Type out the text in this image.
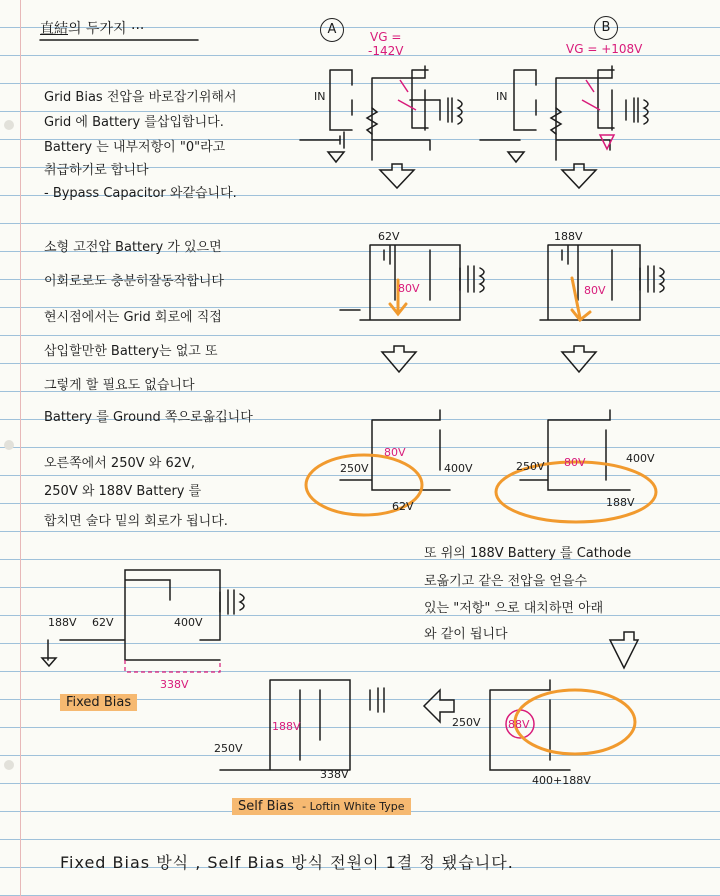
直結의 두가지 ···	A	B
VG =
-142V	VG = +108V
Grid Bias 전압을 바로잡기위해서
Grid 에 Battery 를삽입합니다.
Battery 는 내부저항이 "0"라고
취급하기로 합니다
- Bypass Capacitor 와같습니다.
소형 고전압 Battery 가 있으면
이회로로도 충분히잘동작합니다
현시점에서는 Grid 회로에 직접
삽입할만한 Battery는 없고 또
그렇게 할 필요도 없습니다
Battery 를 Ground 쪽으로옮깁니다
오른쪽에서 250V 와 62V,
250V 와 188V Battery 를
합치면 술다 밑의 회로가 됩니다.
또 위의 188V Battery 를 Cathode
로옮기고 같은 전압을 얻을수
있는 "저항" 으로 대치하면 아래
와 같이 됩니다
Fixed Bias
Self Bias - Loftin White Type
Fixed Bias 방식 , Self Bias 방식 전원이 1결 정 됐습니다.
IN	IN
62V	188V
250V	250V
400V
400V
62V	188V
188V 62V	400V
250V
338V
250V
400+188V
80V	80V
80V
80V
338V
188V	88V
